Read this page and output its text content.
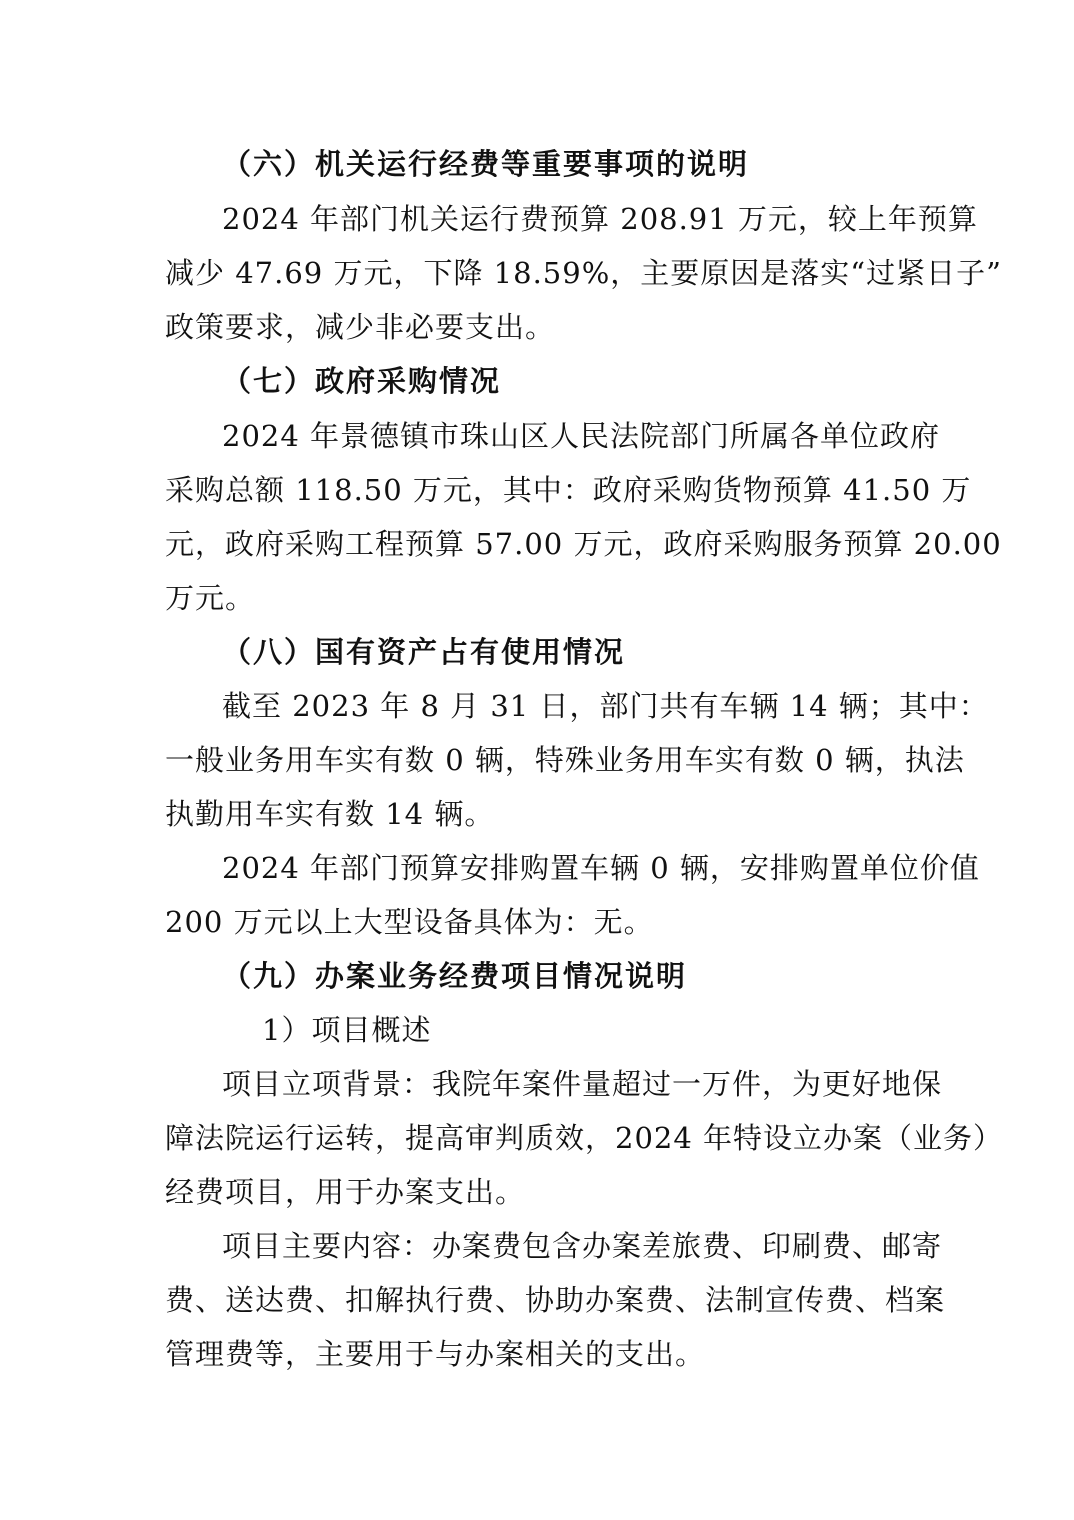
（六）机关运行经费等重要事项的说明
2024 年部门机关运行费预算 208.91 万元，较上年预算
减少 47.69 万元，下降 18.59%，主要原因是落实“过紧日子”
政策要求，减少非必要支出。
（七）政府采购情况
2024 年景德镇市珠山区人民法院部门所属各单位政府
采购总额 118.50 万元，其中：政府采购货物预算 41.50 万
元，政府采购工程预算 57.00 万元，政府采购服务预算 20.00
万元。
（八）国有资产占有使用情况
截至 2023 年 8 月 31 日，部门共有车辆 14 辆；其中：
一般业务用车实有数 0 辆，特殊业务用车实有数 0 辆，执法
执勤用车实有数 14 辆。
2024 年部门预算安排购置车辆 0 辆，安排购置单位价值
200 万元以上大型设备具体为：无。
（九）办案业务经费项目情况说明
1）项目概述
项目立项背景：我院年案件量超过一万件，为更好地保
障法院运行运转，提高审判质效，2024 年特设立办案（业务）
经费项目，用于办案支出。
项目主要内容：办案费包含办案差旅费、印刷费、邮寄
费、送达费、扣解执行费、协助办案费、法制宣传费、档案
管理费等，主要用于与办案相关的支出。
